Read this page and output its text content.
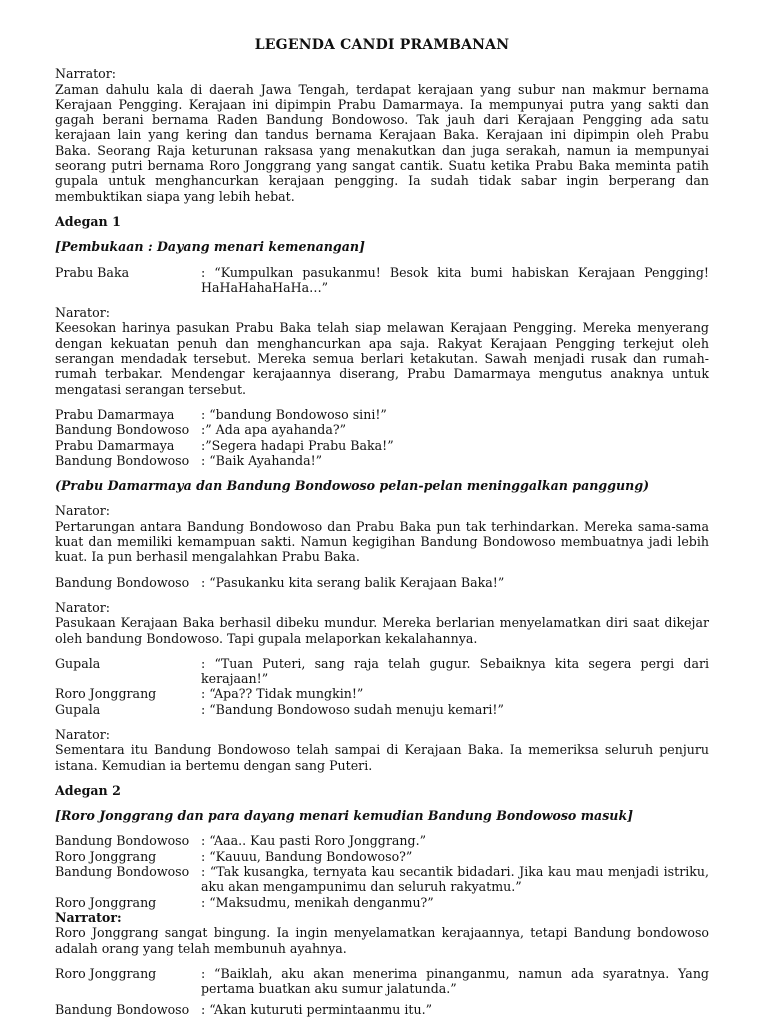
LEGENDA CANDI PRAMBANAN

Narrator:

Zaman dahulu kala di daerah Jawa Tengah, terdapat kerajaan yang subur nan makmur bernama Kerajaan Pengging. Kerajaan ini dipimpin Prabu Damarmaya. Ia mempunyai putra yang sakti dan gagah berani bernama Raden Bandung Bondowoso. Tak jauh dari Kerajaan Pengging ada satu kerajaan lain yang kering dan tandus bernama Kerajaan Baka. Kerajaan ini dipimpin oleh Prabu Baka. Seorang Raja keturunan raksasa yang menakutkan dan juga serakah, namun ia mempunyai seorang putri bernama Roro Jonggrang yang sangat cantik. Suatu ketika Prabu Baka meminta patih gupala untuk menghancurkan kerajaan pengging. Ia sudah tidak sabar ingin berperang dan membuktikan siapa yang lebih hebat.

Adegan 1
[Pembukaan : Dayang menari kemenangan]
Prabu Baka	: “Kumpulkan pasukanmu! Besok kita bumi habiskan Kerajaan Pengging! HaHaHahaHaHa…”

Narator:

Keesokan harinya pasukan Prabu Baka telah siap melawan Kerajaan Pengging. Mereka menyerang dengan kekuatan penuh dan menghancurkan apa saja. Rakyat Kerajaan Pengging terkejut oleh serangan mendadak tersebut. Mereka semua berlari ketakutan. Sawah menjadi rusak dan rumah-rumah terbakar. Mendengar kerajaannya diserang, Prabu Damarmaya mengutus anaknya untuk mengatasi serangan tersebut.

Prabu Damarmaya	: “bandung Bondowoso sini!”
Bandung Bondowoso :” Ada apa ayahanda?”
Prabu Damarmaya	:”Segera hadapi Prabu Baka!”
Bandung Bondowoso : “Baik Ayahanda!”
(Prabu Damarmaya dan Bandung Bondowoso pelan-pelan meninggalkan panggung)

Narator:

Pertarungan antara Bandung Bondowoso dan Prabu Baka pun tak terhindarkan. Mereka sama-sama kuat dan memiliki kemampuan sakti. Namun kegigihan Bandung Bondowoso membuatnya jadi lebih kuat. Ia pun berhasil mengalahkan Prabu Baka.

Bandung Bondowoso : “Pasukanku kita serang balik Kerajaan Baka!”

Narator:

Pasukaan Kerajaan Baka berhasil dibeku mundur. Mereka berlarian menyelamatkan diri saat dikejar oleh bandung Bondowoso. Tapi gupala melaporkan kekalahannya.

Gupala	: “Tuan Puteri, sang raja telah gugur. Sebaiknya kita segera pergi dari kerajaan!”
Roro Jonggrang	: “Apa?? Tidak mungkin!”
Gupala	: “Bandung Bondowoso sudah menuju kemari!”

Narator:

Sementara itu Bandung Bondowoso telah sampai di Kerajaan Baka. Ia memeriksa seluruh penjuru istana. Kemudian ia bertemu dengan sang Puteri.

Adegan 2
[Roro Jonggrang dan para dayang menari kemudian Bandung Bondowoso masuk]
Bandung Bondowoso : “Aaa.. Kau pasti Roro Jonggrang.”
Roro Jonggrang	: “Kauuu, Bandung Bondowoso?”
Bandung Bondowoso : “Tak kusangka, ternyata kau secantik bidadari. Jika kau mau menjadi istriku, aku akan mengampunimu dan seluruh rakyatmu.”
Roro Jonggrang	: “Maksudmu, menikah denganmu?”

Narrator:

Roro Jonggrang sangat bingung. Ia ingin menyelamatkan kerajaannya, tetapi Bandung bondowoso adalah orang yang telah membunuh ayahnya.

Roro Jonggrang	: “Baiklah, aku akan menerima pinanganmu, namun ada syaratnya. Yang pertama buatkan aku sumur jalatunda.”
Bandung Bondowoso : “Akan kuturuti permintaanmu itu.”
